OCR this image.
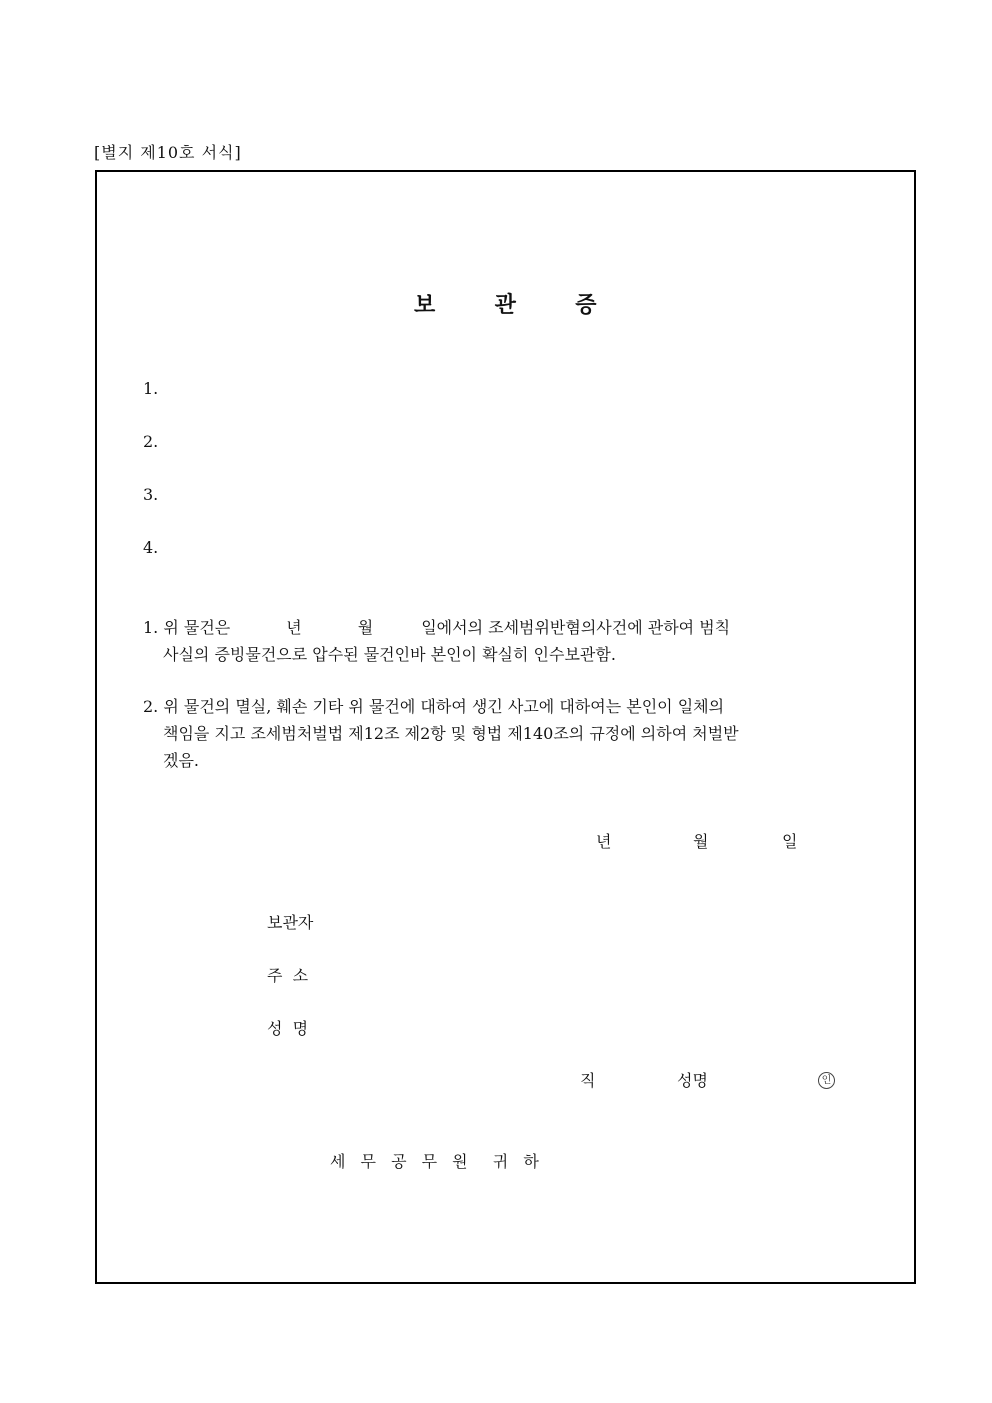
[별지 제10호 서식]
보	관	증
1.
2.
3.
4.
1. 위 물건은	년	월	일에서의 조세범위반혐의사건에 관하여 범칙
사실의 증빙물건으로 압수된 물건인바 본인이 확실히 인수보관함.
2. 위 물건의 멸실, 훼손 기타 위 물건에 대하여 생긴 사고에 대하여는 본인이 일체의
책임을 지고 조세범처벌법 제12조 제2항 및 형법 제140조의 규정에 의하여 처벌받
겠음.
년	월	일
보관자
주  소
성  명
직	성명	인
세 무 공 무 원  귀 하
